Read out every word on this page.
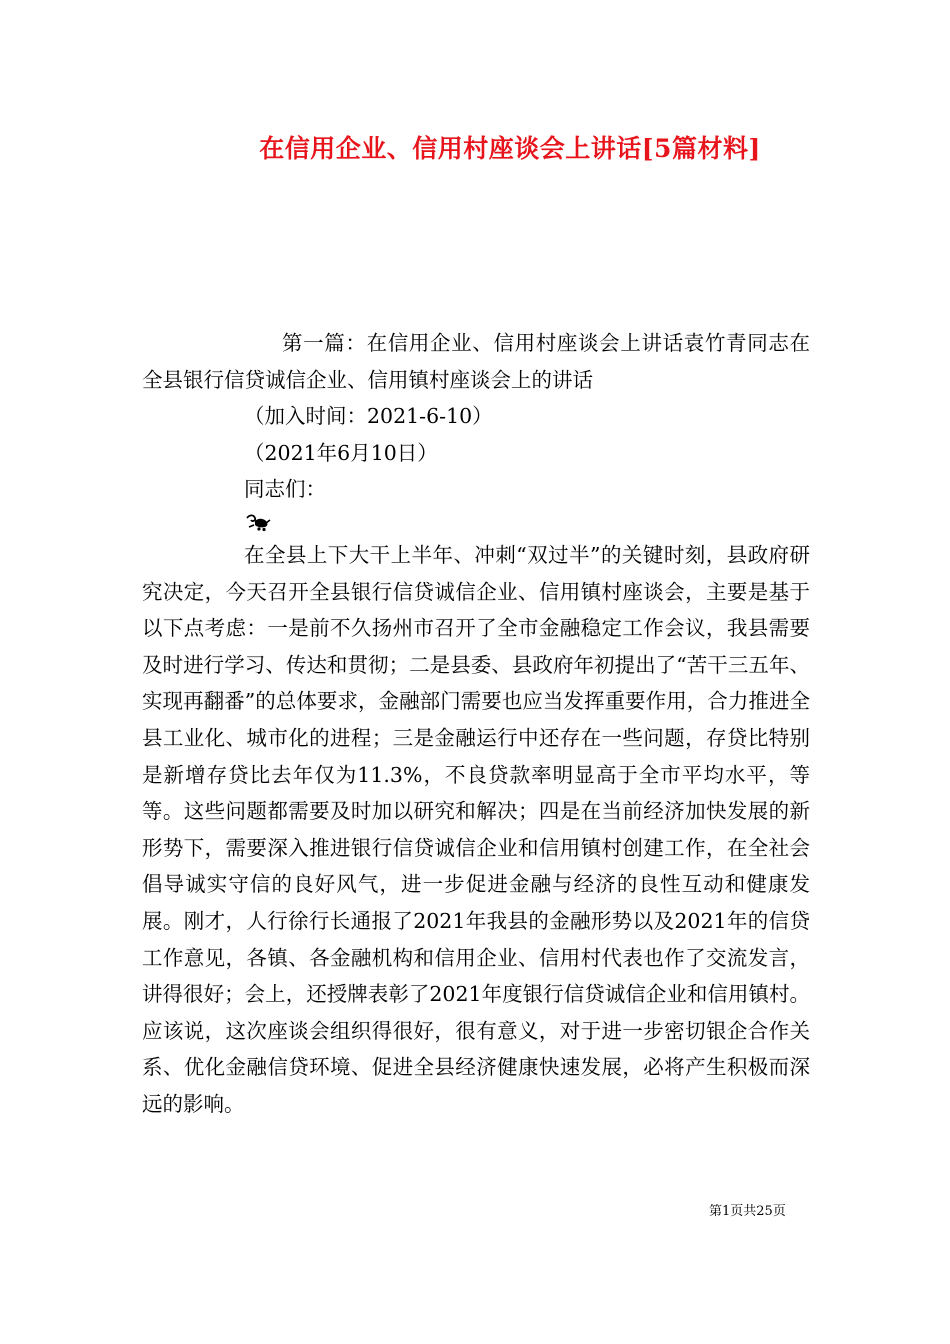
在信用企业、信用村座谈会上讲话[5篇材料]
第一篇：在信用企业、信用村座谈会上讲话袁竹青同志在全县银行信贷诚信企业、信用镇村座谈会上的讲话
（加入时间：2021-6-10）
（2021年6月10日）
同志们：
在全县上下大干上半年、冲刺“双过半”的关键时刻，县政府研究决定，今天召开全县银行信贷诚信企业、信用镇村座谈会，主要是基于以下点考虑：一是前不久扬州市召开了全市金融稳定工作会议，我县需要及时进行学习、传达和贯彻；二是县委、县政府年初提出了“苦干三五年、实现再翻番”的总体要求，金融部门需要也应当发挥重要作用，合力推进全县工业化、城市化的进程；三是金融运行中还存在一些问题，存贷比特别是新增存贷比去年仅为11.3%，不良贷款率明显高于全市平均水平，等等。这些问题都需要及时加以研究和解决；四是在当前经济加快发展的新形势下，需要深入推进银行信贷诚信企业和信用镇村创建工作，在全社会倡导诚实守信的良好风气，进一步促进金融与经济的良性互动和健康发展。刚才，人行徐行长通报了2021年我县的金融形势以及2021年的信贷工作意见，各镇、各金融机构和信用企业、信用村代表也作了交流发言，讲得很好；会上，还授牌表彰了2021年度银行信贷诚信企业和信用镇村。应该说，这次座谈会组织得很好，很有意义，对于进一步密切银企合作关系、优化金融信贷环境、促进全县经济健康快速发展，必将产生积极而深远的影响。
第1页共25页
